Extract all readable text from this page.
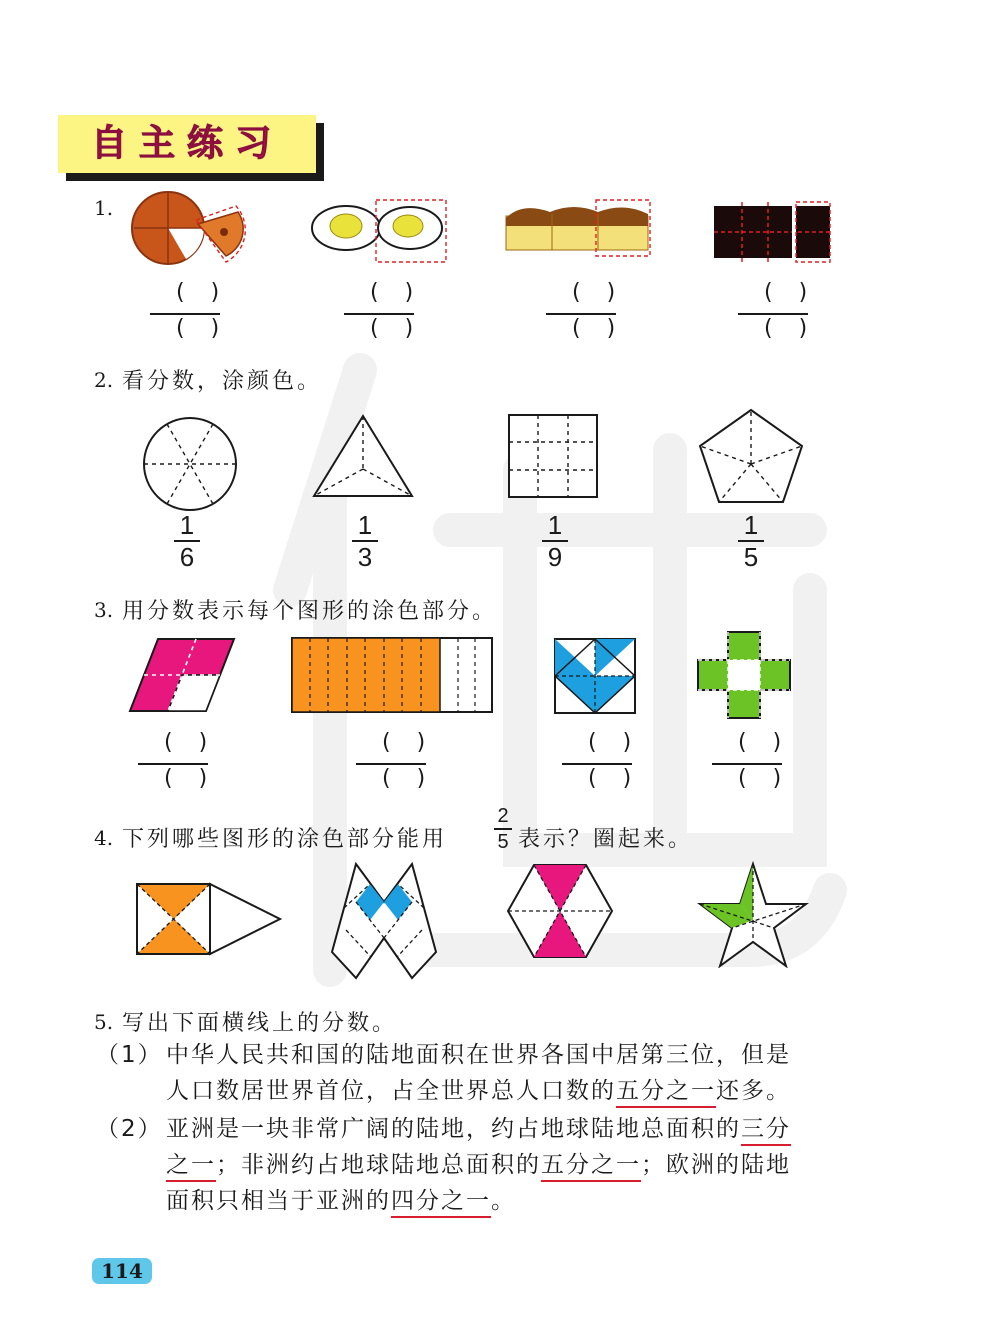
自主练习
1.
()
()
()
()
()
()
()
()
2. 看分数，涂颜色。
1
6
1
3
1
9
1
5
3. 用分数表示每个图形的涂色部分。
()
()
()
()
()
()
()
()
4. 下列哪些图形的涂色部分能用
2
5 表示？圈起来。
5. 写出下面横线上的分数。
（1） 中华人民共和国的陆地面积在世界各国中居第三位，但是
人口数居世界首位，占全世界总人口数的五分之一还多。
（2） 亚洲是一块非常广阔的陆地，约占地球陆地总面积的三分
之一；非洲约占地球陆地总面积的五分之一；欧洲的陆地
面积只相当于亚洲的四分之一。
114
